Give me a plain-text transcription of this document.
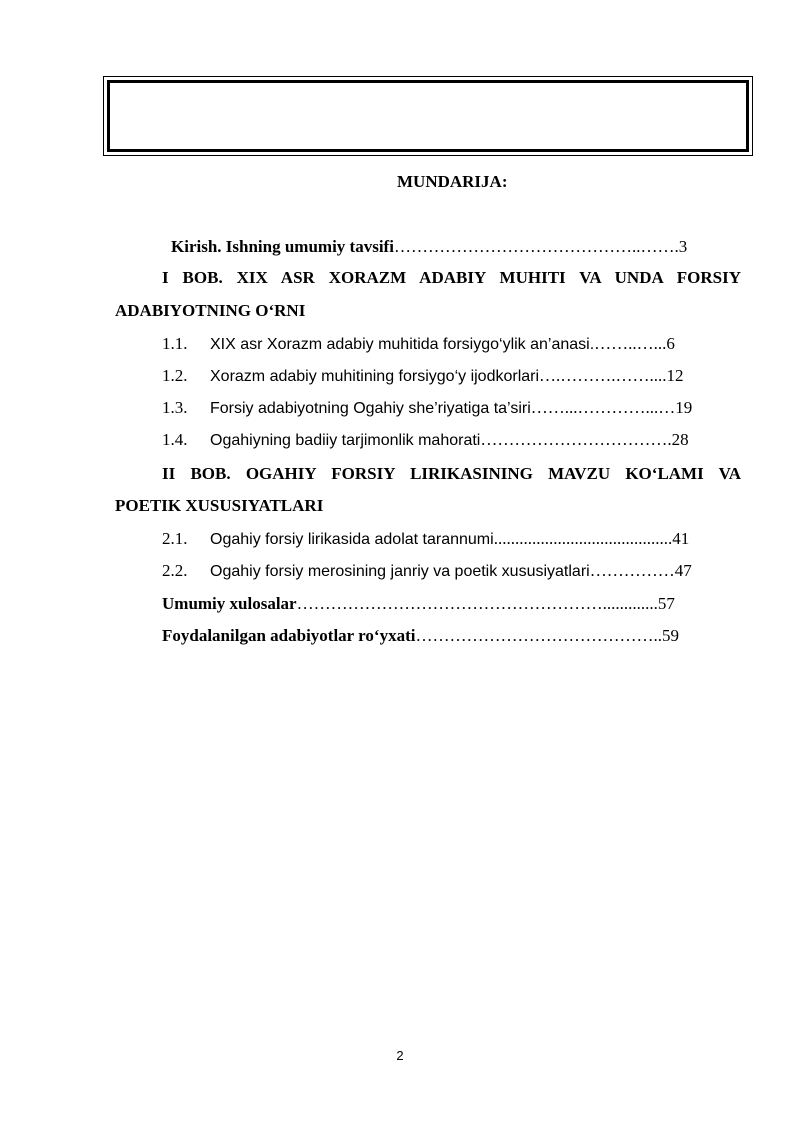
MUNDARIJA:
Kirish. Ishning umumiy tavsifi……………………………………..…….3
I BOB. XIX ASR XORAZM ADABIY MUHITI VA UNDA FORSIY
ADABIYOTNING O‘RNI
1.1. XIX asr Xorazm adabiy muhitida forsiygo‘ylik an’anasi.……..…...6
1.2. Xorazm adabiy muhitining forsiygo‘y ijodkorlari….……….……....12
1.3. Forsiy adabiyotning Ogahiy she’riyatiga ta’siri……...…………...…19
1.4. Ogahiyning badiiy tarjimonlik mahorati…………………………….28
II BOB. OGAHIY FORSIY LIRIKASINING MAVZU KO‘LAMI VA
POETIK XUSUSIYATLARI
2.1. Ogahiy forsiy lirikasida adolat tarannumi..........................................41
2.2. Ogahiy forsiy merosining janriy va poetik xususiyatlari……………47
Umumiy xulosalar……………………………………………….............57
Foydalanilgan adabiyotlar ro‘yxati……………………………………..59
2
